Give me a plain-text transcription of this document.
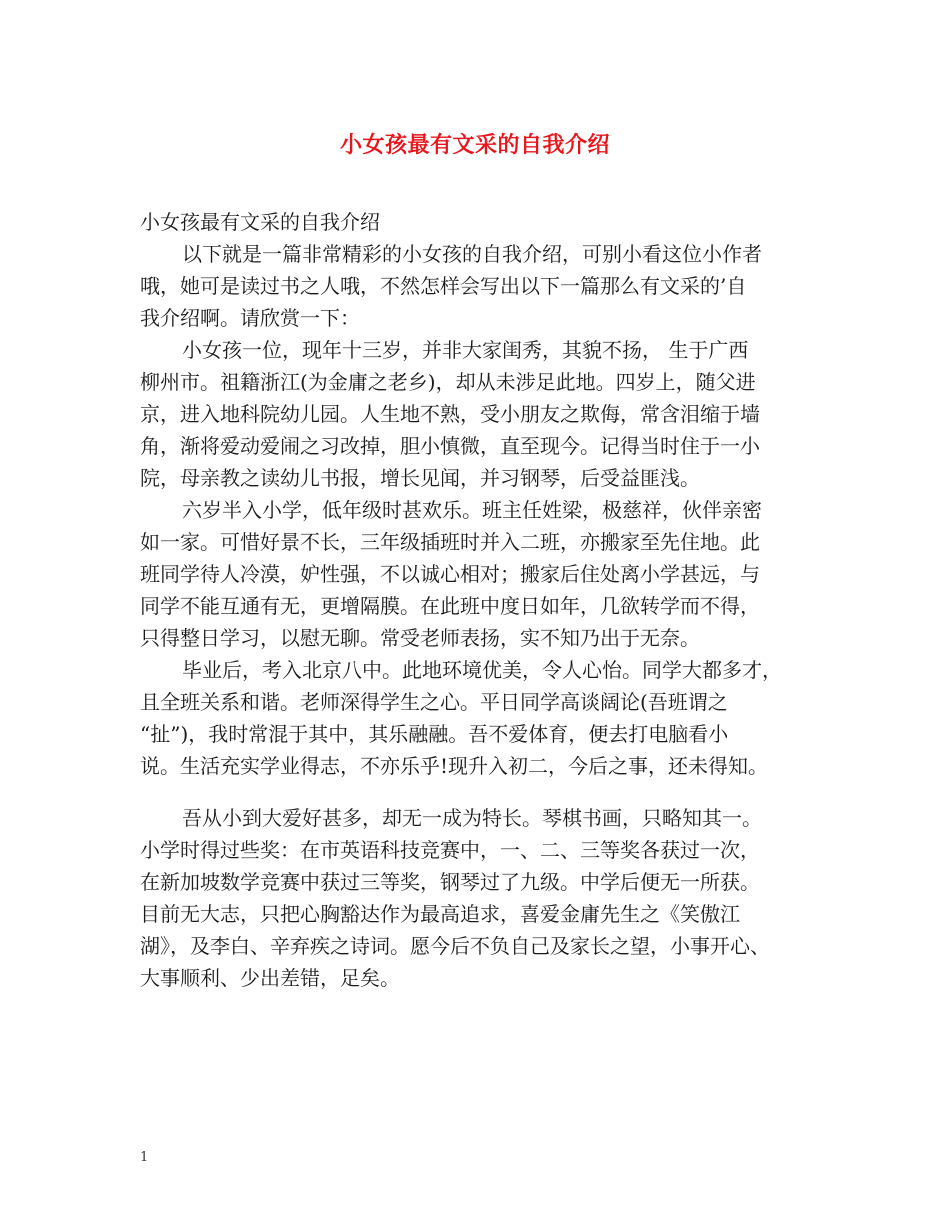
小女孩最有文采的自我介绍
小女孩最有文采的自我介绍
以下就是一篇非常精彩的小女孩的自我介绍，可别小看这位小作者
哦，她可是读过书之人哦，不然怎样会写出以下一篇那么有文采的’自
我介绍啊。请欣赏一下：
小女孩一位，现年十三岁，并非大家闺秀，其貌不扬， 生于广西
柳州市。祖籍浙江(为金庸之老乡)，却从未涉足此地。四岁上，随父进
京，进入地科院幼儿园。人生地不熟，受小朋友之欺侮，常含泪缩于墙
角，渐将爱动爱闹之习改掉，胆小慎微，直至现今。记得当时住于一小
院，母亲教之读幼儿书报，增长见闻，并习钢琴，后受益匪浅。
六岁半入小学，低年级时甚欢乐。班主任姓梁，极慈祥，伙伴亲密
如一家。可惜好景不长，三年级插班时并入二班，亦搬家至先住地。此
班同学待人冷漠，妒性强，不以诚心相对；搬家后住处离小学甚远，与
同学不能互通有无，更增隔膜。在此班中度日如年，几欲转学而不得，
只得整日学习，以慰无聊。常受老师表扬，实不知乃出于无奈。
毕业后，考入北京八中。此地环境优美，令人心怡。同学大都多才，
且全班关系和谐。老师深得学生之心。平日同学高谈阔论(吾班谓之
“扯”)，我时常混于其中，其乐融融。吾不爱体育，便去打电脑看小
说。生活充实学业得志，不亦乐乎!现升入初二，今后之事，还未得知。
吾从小到大爱好甚多，却无一成为特长。琴棋书画，只略知其一。
小学时得过些奖：在市英语科技竞赛中，一、二、三等奖各获过一次，
在新加坡数学竞赛中获过三等奖，钢琴过了九级。中学后便无一所获。
目前无大志，只把心胸豁达作为最高追求，喜爱金庸先生之《笑傲江
湖》，及李白、辛弃疾之诗词。愿今后不负自己及家长之望，小事开心、
大事顺利、少出差错，足矣。
1
